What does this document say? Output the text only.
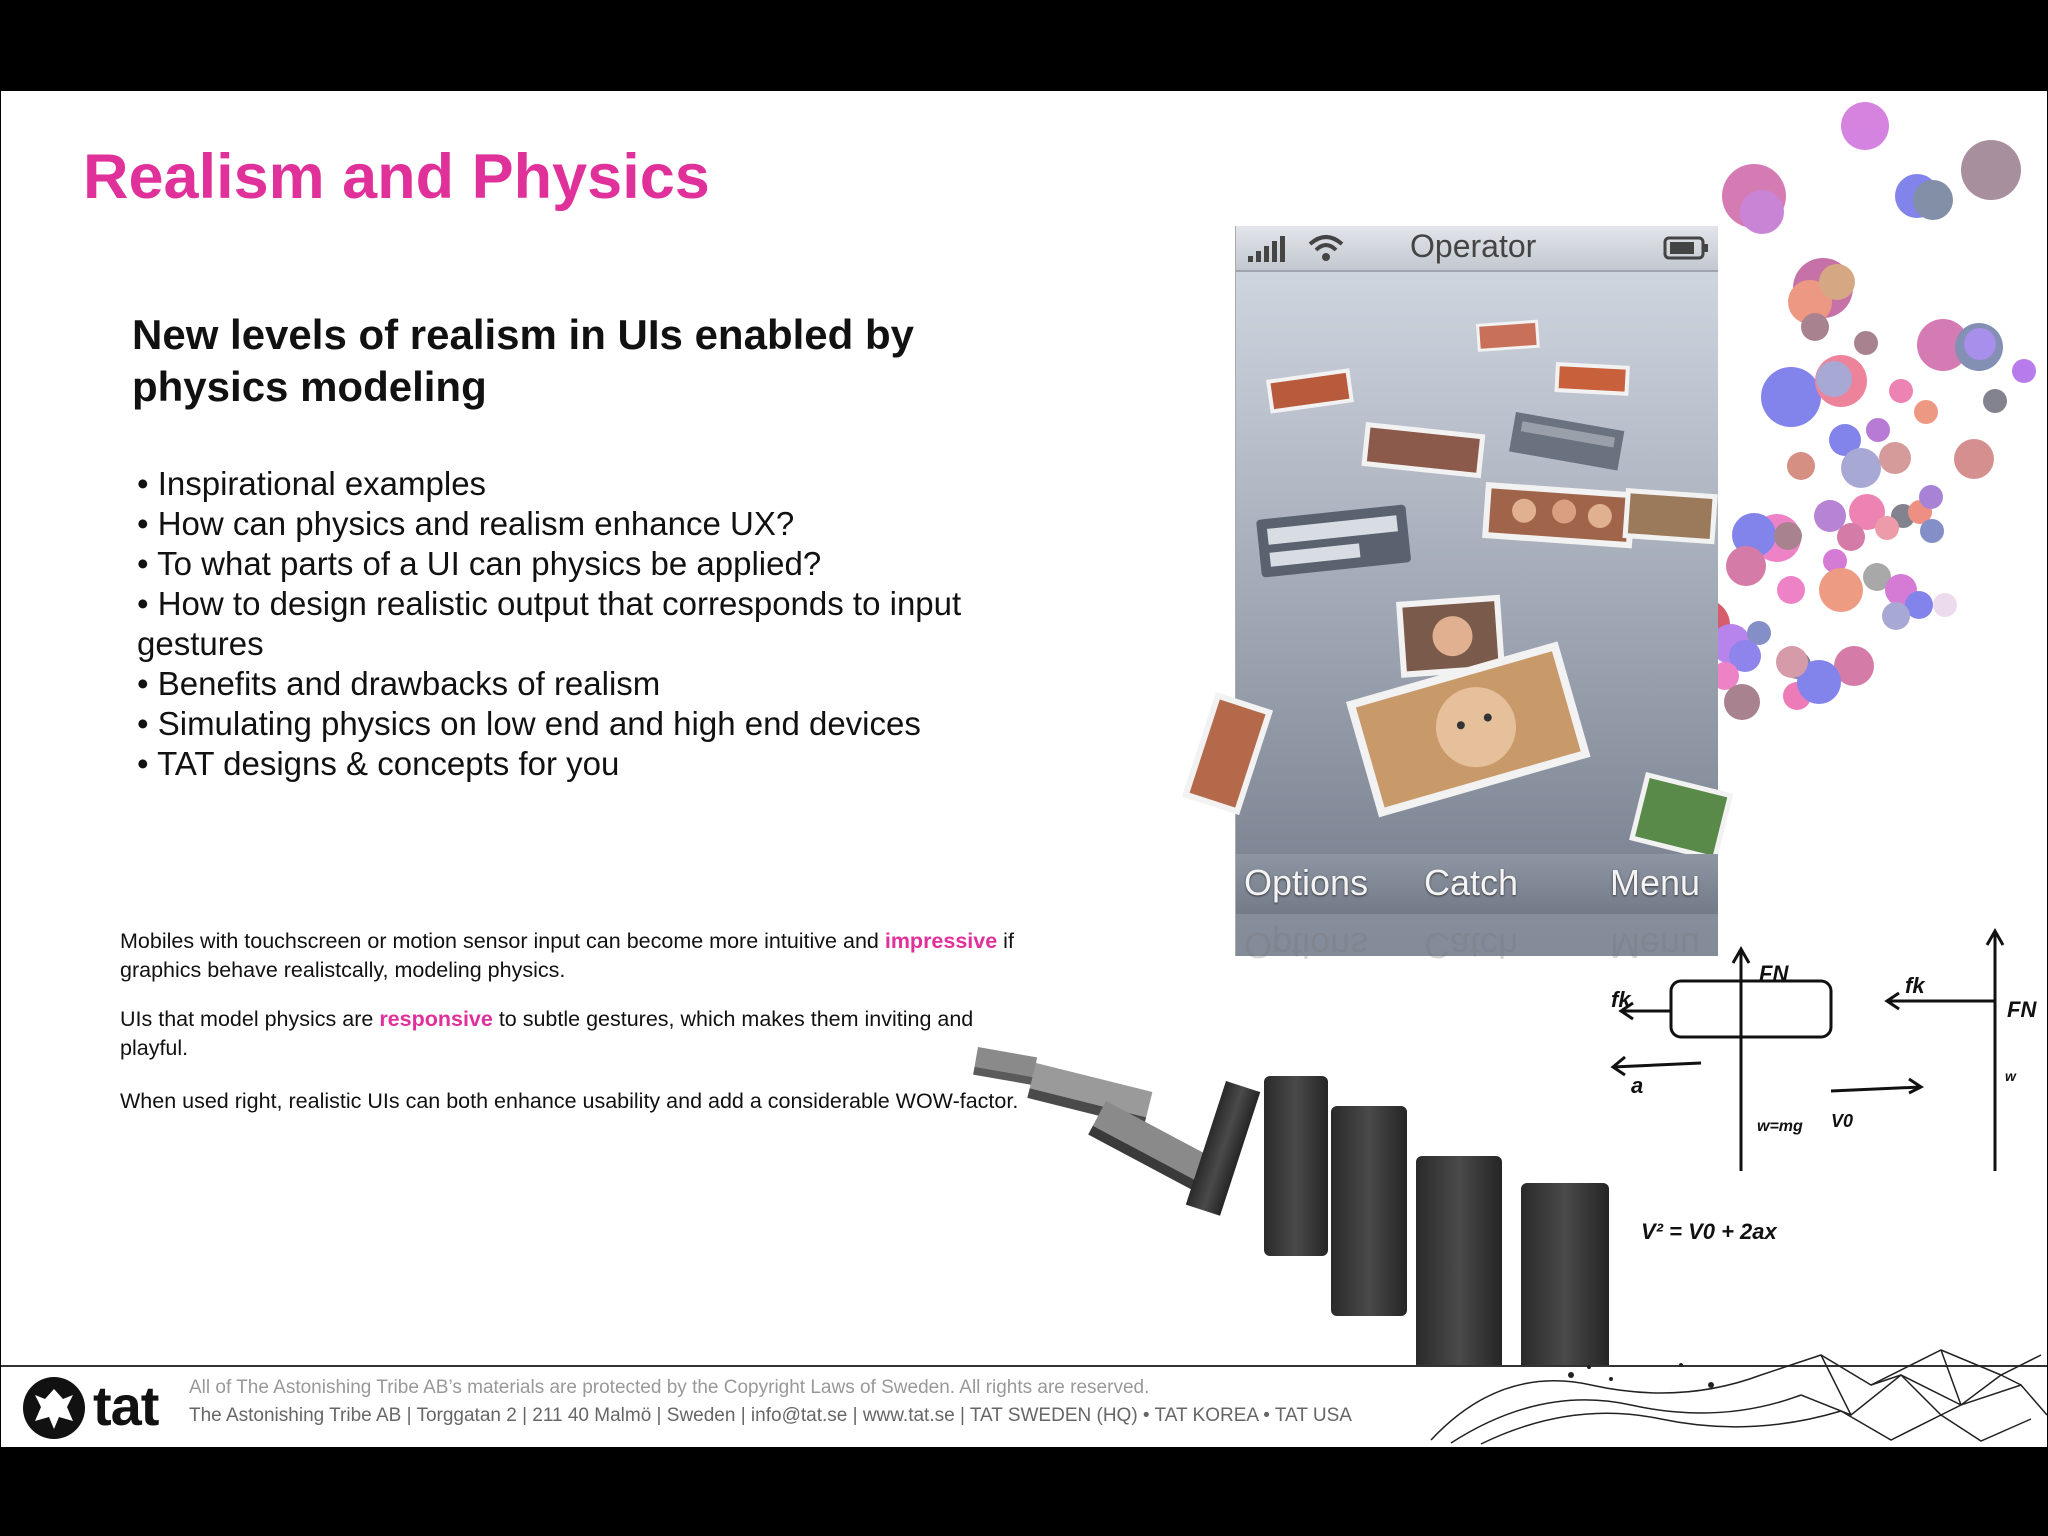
Realism and Physics
New levels of realism in UIs enabled by physics modeling
• Inspirational examples
• How can physics and realism enhance UX?
• To what parts of a UI can physics be applied?
• How to design realistic output that corresponds to input gestures
• Benefits and drawbacks of realism
• Simulating physics on low end and high end devices
• TAT designs & concepts for you

Mobiles with touchscreen or motion sensor input can become more intuitive and impressive if graphics behave realistcally, modeling physics.

UIs that model physics are responsive to subtle gestures, which makes them inviting and playful.

When used right, realistic UIs can both enhance usability and add a considerable WOW-factor.

Operator
Options Catch	Menu
Options Catch	Menu
FN
fk
a
w=mg V0
fk
FN
w
V² = V0 + 2ax
tat All of The Astonishing Tribe AB’s materials are protected by the Copyright Laws of Sweden. All rights are reserved.
The Astonishing Tribe AB | Torggatan 2 | 211 40 Malmö | Sweden | info@tat.se | www.tat.se | TAT SWEDEN (HQ) • TAT KOREA • TAT USA
